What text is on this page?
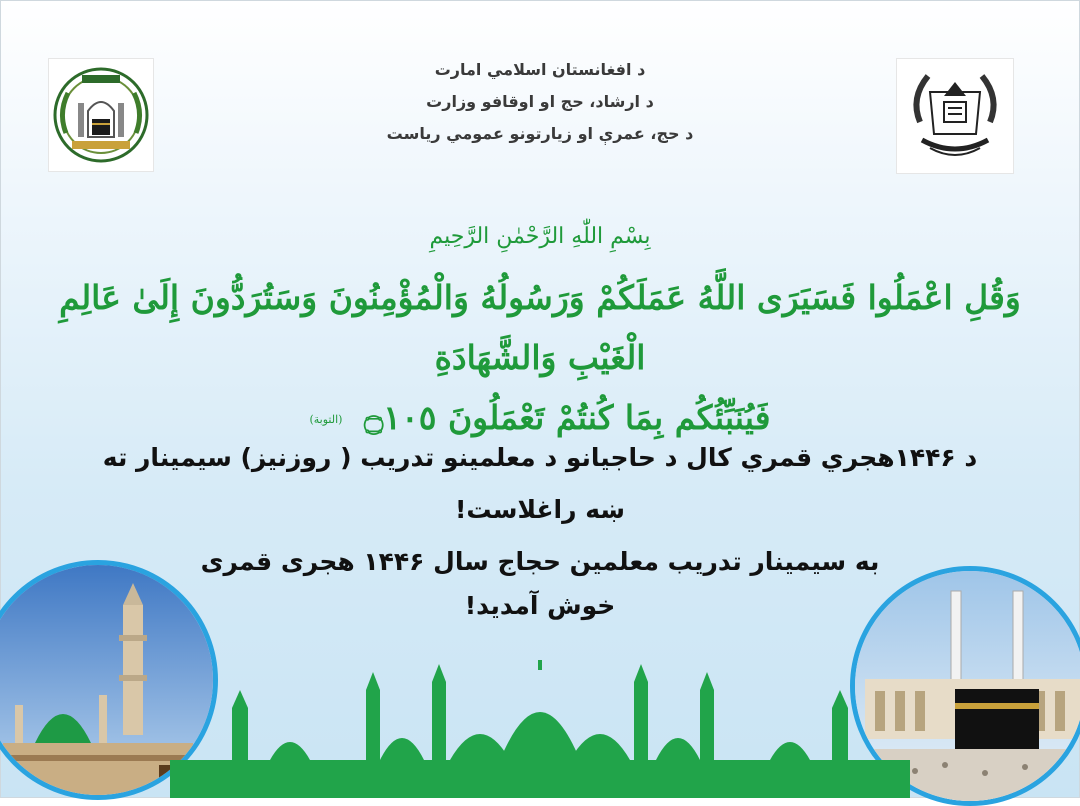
د افغانستان اسلامي امارت
د ارشاد، حج او اوقافو وزارت
د حج، عمرې او زيارتونو عمومي رياست
بِسْمِ اللّٰهِ الرَّحْمٰنِ الرَّحِيمِ
وَقُلِ اعْمَلُوا فَسَيَرَى اللَّهُ عَمَلَكُمْ وَرَسُولُهُ وَالْمُؤْمِنُونَ وَسَتُرَدُّونَ إِلَىٰ عَالِمِ الْغَيْبِ وَالشَّهَادَةِ
فَيُنَبِّئُكُم بِمَا كُنتُمْ تَعْمَلُونَ ۝١٠٥ (التوبة)
د ۱۴۴۶هجري قمري کال د حاجيانو د معلمينو تدريب ( روزنيز) سيمينار ته
ښه راغلاست!
به سيمينار تدريب معلمين حجاج سال ۱۴۴۶ هجری قمری
خوش آمديد!
